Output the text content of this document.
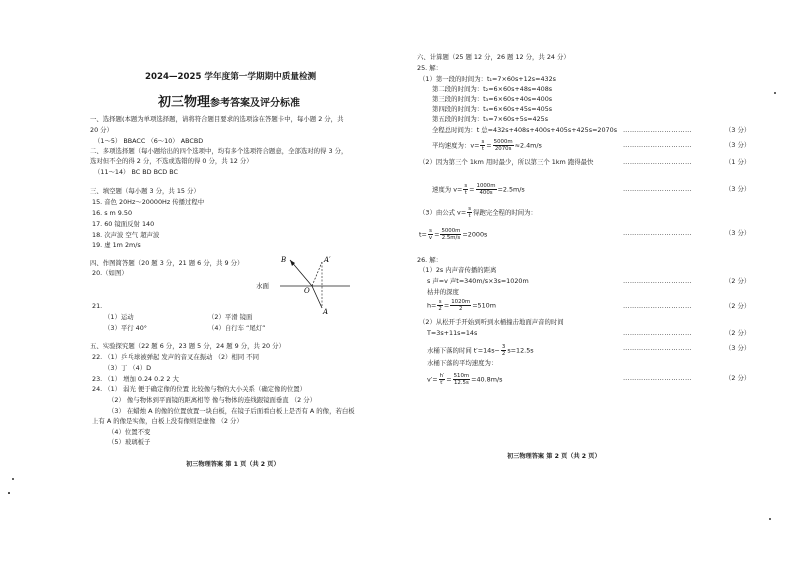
2024—2025 学年度第一学期期中质量检测
初三物理参考答案及评分标准
一、选择题(本题为单项选择题，请将符合题目要求的选项涂在答题卡中，每小题 2 分，共
20 分）
（1～5） BBACC （6～10） ABCBD
二、多项选择题（每小题给出的四个选项中，均有多个选项符合题意，全部选对的得 3 分，
选对但不全的得 2 分，不选或选错的得 0 分，共 12 分）
（11～14） BC BD BCD BC
三、填空题（每小题 3 分，共 15 分）
15. 音色 20Hz～20000Hz 传播过程中
16. s m 9.50
17. 60 镜面反射 140
18. 次声波 空气 超声波
19. 虚 1m 2m/s
四、作图简答题（20 题 3 分，21 题 6 分，共 9 分）
20.（如图）
B	A′
O
A
水面
21.
（1）运动	（2）平滑 镜面
（3）平行 40°	（4）自行车 “尾灯”
五、实验探究题（22 题 6 分，23 题 5 分，24 题 9 分，共 20 分）
22. （1）乒乓球被弹起 发声的音叉在振动 （2）相同 不同
（3）丁 （4）D
23. （1） 增加 0.24 0.2 2 大
24. （1） 弱光 便于确定像的位置 比较像与物的大小关系（确定像的位置）
（2） 像与物体到平面镜的距离相等 像与物体的连线跟镜面垂直 （2 分）
（3） 在蜡烛 A 的像的位置放置一块白板，在镜子后面看白板上是否有 A 的像，若白板
上有 A 的像是实像，白板上没有像则是虚像 （2 分）
（4）位置不变
（5）玻璃板子
初三物理答案 第 1 页（共 2 页）
六、计算题（25 题 12 分，26 题 12 分，共 24 分）
25. 解：
（1）第一段的时间为：t₁=7×60s+12s=432s
第二段的时间为：t₂=6×60s+48s=408s
第三段的时间为：t₃=6×60s+40s=400s
第四段的时间为：t₄=6×60s+45s=405s
第五段的时间为：t₅=7×60s+5s=425s
全程总时间为：t 总=432s+408s+400s+405s+425s=2070s …………………………	（3 分）
平均速度为：$v= \frac{s}{t} = \frac{5000m}{2070s} \approx 2.4m/s$	…………………………	（3 分）
（2）因为第三个 1km 用时最少，所以第三个 1km 跑得最快	…………………………	（1 分）
速度为 $v= \frac{s}{t} = \frac{1000m}{400s} =2.5m/s$	…………………………	（3 分）
（3）由公式 $v= \frac{s}{t}$ 得跑完全程的时间为：
$t= \frac{s}{v} = \frac{5000m}{2.5m/s} =2000s$	…………………………	（3 分）
26. 解：
（1）2s 内声音传播的距离
s 声=v 声t=340m/s×3s=1020m	…………………………	（2 分）
枯井的深度
$h= \frac{s}{2} = \frac{1020m}{2} =510m$	…………………………	（2 分）
（2）从松开手开始到听到水桶撞击地面声音的时间
T=3s+11s=14s	…………………………	（2 分）
水桶下落的时间 $t'=14s- \frac{3}{2} s=12.5s$	…………………………	（3 分）
水桶下落的平均速度为：
$v'= \frac{h'}{t'} = \frac{510m}{12.5s} =40.8m/s$	…………………………	（2 分）
初三物理答案 第 2 页（共 2 页）
